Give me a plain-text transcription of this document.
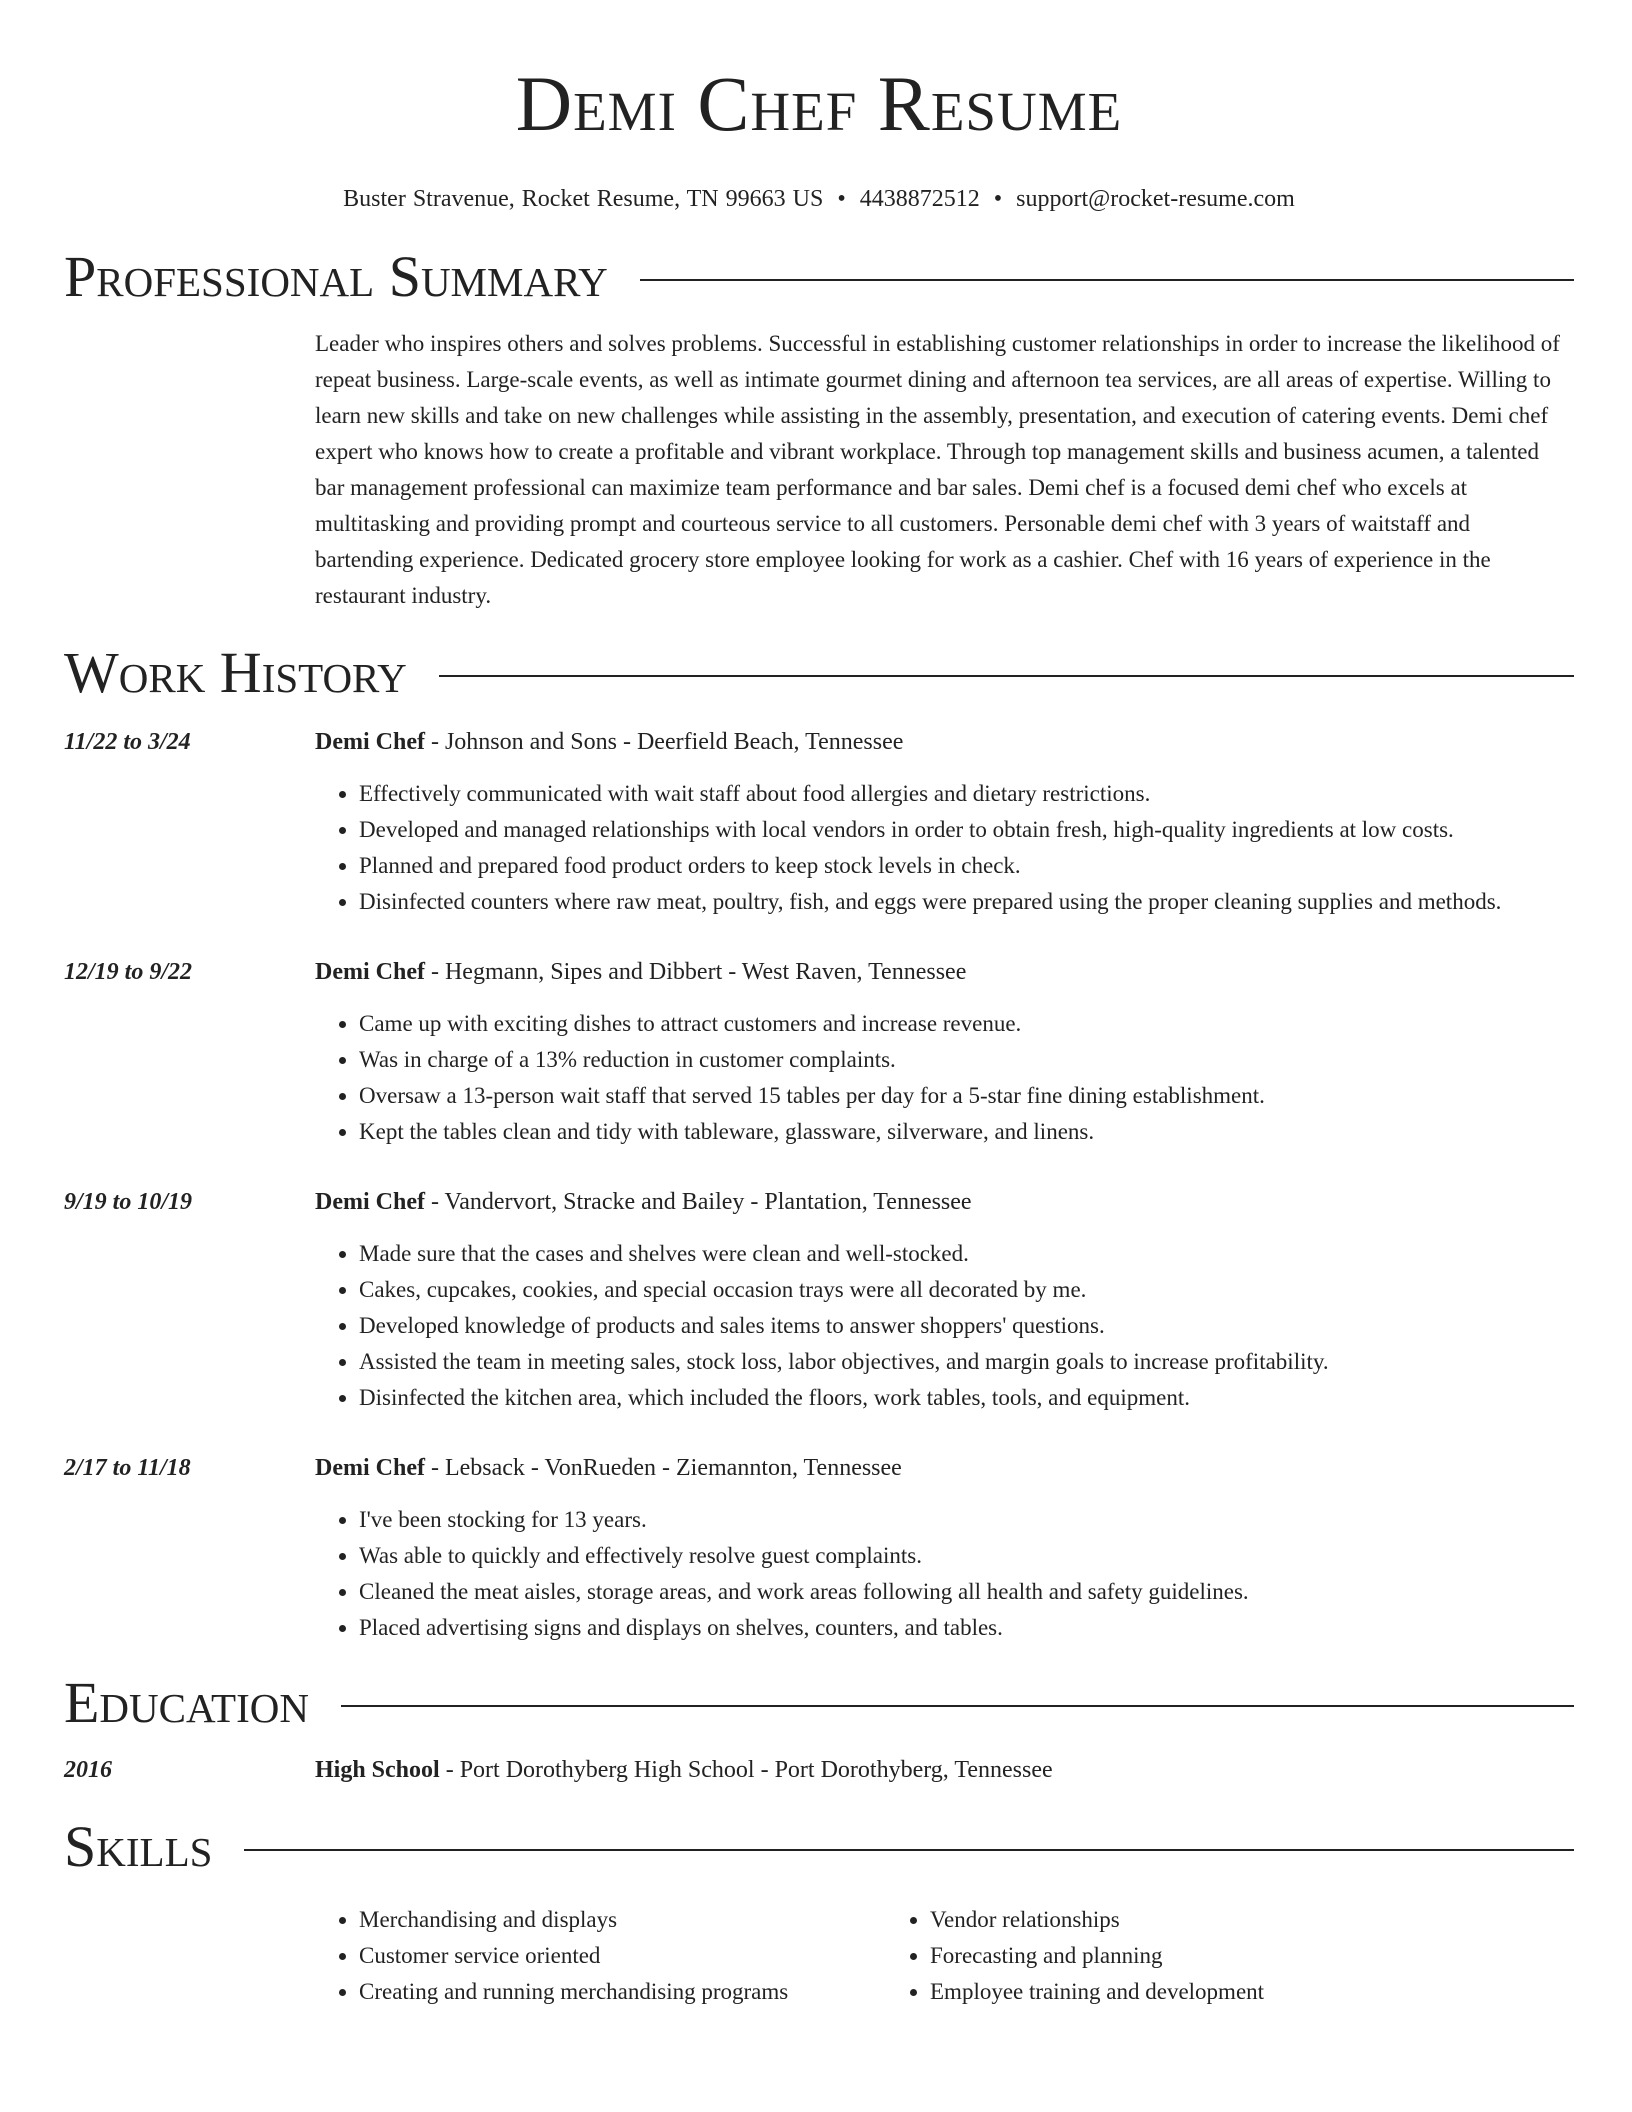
Demi Chef Resume
Buster Stravenue, Rocket Resume, TN 99663 US • 4438872512 • support@rocket-resume.com
Professional Summary

Leader who inspires others and solves problems. Successful in establishing customer relationships in order to increase the likelihood of repeat business. Large-scale events, as well as intimate gourmet dining and afternoon tea services, are all areas of expertise. Willing to learn new skills and take on new challenges while assisting in the assembly, presentation, and execution of catering events. Demi chef expert who knows how to create a profitable and vibrant workplace. Through top management skills and business acumen, a talented bar management professional can maximize team performance and bar sales. Demi chef is a focused demi chef who excels at multitasking and providing prompt and courteous service to all customers. Personable demi chef with 3 years of waitstaff and bartending experience. Dedicated grocery store employee looking for work as a cashier. Chef with 16 years of experience in the restaurant industry.

Work History
11/22 to 3/24	Demi Chef - Johnson and Sons - Deerfield Beach, Tennessee
• Effectively communicated with wait staff about food allergies and dietary restrictions.
• Developed and managed relationships with local vendors in order to obtain fresh, high-quality ingredients at low costs.
• Planned and prepared food product orders to keep stock levels in check.
• Disinfected counters where raw meat, poultry, fish, and eggs were prepared using the proper cleaning supplies and methods.
12/19 to 9/22	Demi Chef - Hegmann, Sipes and Dibbert - West Raven, Tennessee
• Came up with exciting dishes to attract customers and increase revenue.
• Was in charge of a 13% reduction in customer complaints.
• Oversaw a 13-person wait staff that served 15 tables per day for a 5-star fine dining establishment.
• Kept the tables clean and tidy with tableware, glassware, silverware, and linens.
9/19 to 10/19	Demi Chef - Vandervort, Stracke and Bailey - Plantation, Tennessee
• Made sure that the cases and shelves were clean and well-stocked.
• Cakes, cupcakes, cookies, and special occasion trays were all decorated by me.
• Developed knowledge of products and sales items to answer shoppers' questions.
• Assisted the team in meeting sales, stock loss, labor objectives, and margin goals to increase profitability.
• Disinfected the kitchen area, which included the floors, work tables, tools, and equipment.
2/17 to 11/18	Demi Chef - Lebsack - VonRueden - Ziemannton, Tennessee
• I've been stocking for 13 years.
• Was able to quickly and effectively resolve guest complaints.
• Cleaned the meat aisles, storage areas, and work areas following all health and safety guidelines.
• Placed advertising signs and displays on shelves, counters, and tables.
Education
2016	High School - Port Dorothyberg High School - Port Dorothyberg, Tennessee
Skills
• Merchandising and displays
• Customer service oriented
• Creating and running merchandising programs
• Vendor relationships
• Forecasting and planning
• Employee training and development
